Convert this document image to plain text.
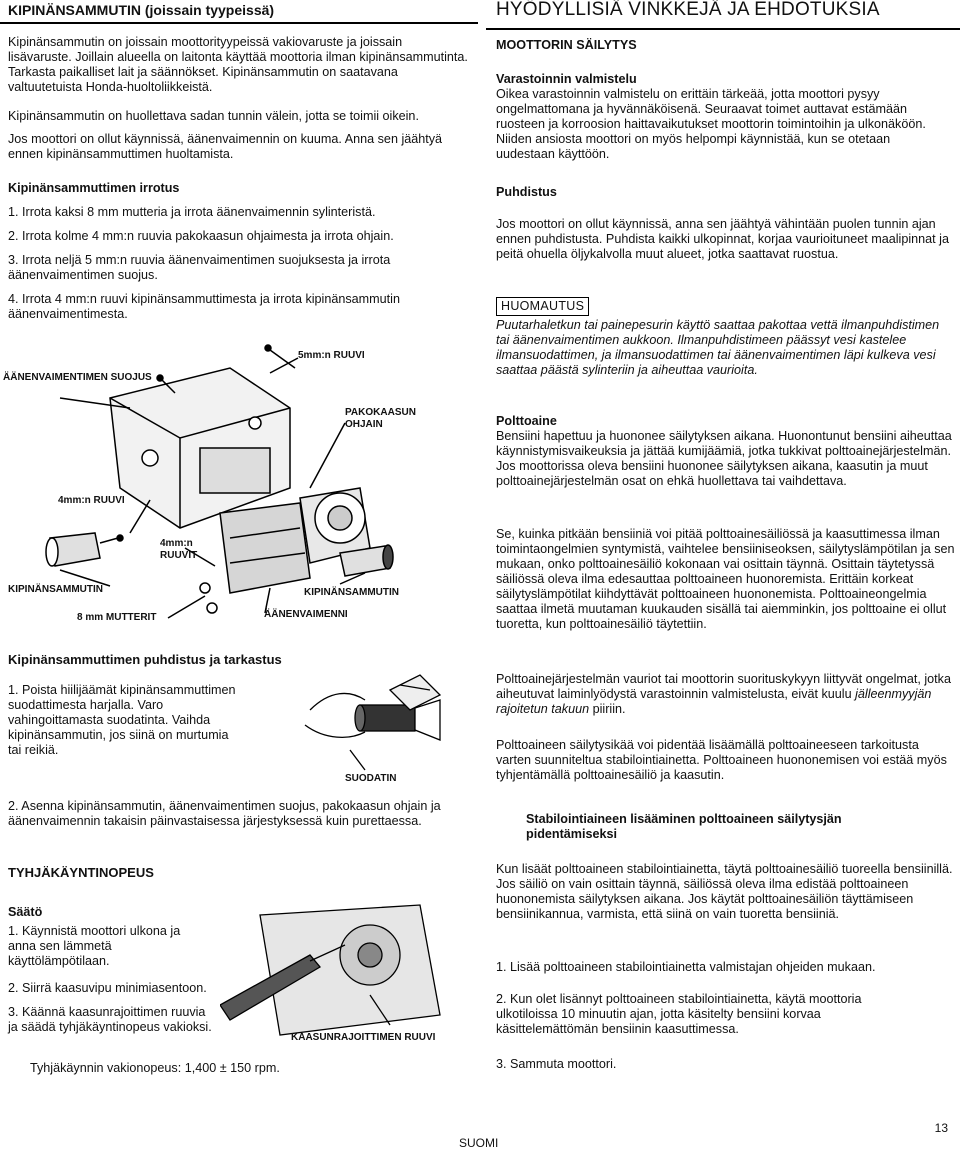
KIPINÄNSAMMUTIN (joissain tyypeissä)	HYÖDYLLISIÄ VINKKEJÄ JA EHDOTUKSIA

Kipinänsammutin on joissain moottorityypeissä vakiovaruste ja joissain lisävaruste. Joillain alueella on laitonta käyttää moottoria ilman kipinänsammutinta. Tarkasta paikalliset lait ja säännökset. Kipinänsammutin on saatavana valtuutetuista Honda-huoltoliikkeistä.

Kipinänsammutin on huollettava sadan tunnin välein, jotta se toimii oikein.

Jos moottori on ollut käynnissä, äänenvaimennin on kuuma. Anna sen jäähtyä ennen kipinänsammuttimen huoltamista.

Kipinänsammuttimen irrotus

1. Irrota kaksi 8 mm mutteria ja irrota äänenvaimennin sylinteristä.

2. Irrota kolme 4 mm:n ruuvia pakokaasun ohjaimesta ja irrota ohjain.

3. Irrota neljä 5 mm:n ruuvia äänenvaimentimen suojuksesta ja irrota äänenvaimentimen suojus.

4. Irrota 4 mm:n ruuvi kipinänsammuttimesta ja irrota kipinänsammutin äänenvaimentimesta.

ÄÄNENVAIMENTIMEN SUOJUS
5mm:n RUUVI
PAKOKAASUN OHJAIN
4mm:n RUUVI
4mm:n RUUVIT
KIPINÄNSAMMUTIN	KIPINÄNSAMMUTIN
8 mm MUTTERIT	ÄÄNENVAIMENNI

Kipinänsammuttimen puhdistus ja tarkastus

1. Poista hiilijäämät kipinänsammuttimen suodattimesta harjalla. Varo vahingoittamasta suodatinta. Vaihda kipinänsammutin, jos siinä on murtumia tai reikiä.

SUODATIN

2. Asenna kipinänsammutin, äänenvaimentimen suojus, pakokaasun ohjain ja äänenvaimennin takaisin päinvastaisessa järjestyksessä kuin purettaessa.

TYHJÄKÄYNTINOPEUS

Säätö

1. Käynnistä moottori ulkona ja anna sen lämmetä käyttölämpötilaan.

2. Siirrä kaasuvipu minimiasentoon.

3. Käännä kaasunrajoittimen ruuvia ja säädä tyhjäkäyntinopeus vakioksi.

KAASUNRAJOITTIMEN RUUVI

Tyhjäkäynnin vakionopeus: 1,400 ± 150 rpm.

MOOTTORIN SÄILYTYS

Varastoinnin valmistelu

Oikea varastoinnin valmistelu on erittäin tärkeää, jotta moottori pysyy ongelmattomana ja hyvännäköisenä. Seuraavat toimet auttavat estämään ruosteen ja korroosion haittavaikutukset moottorin toimintoihin ja ulkonäköön. Niiden ansiosta moottori on myös helpompi käynnistää, kun se otetaan uudestaan käyttöön.

Puhdistus

Jos moottori on ollut käynnissä, anna sen jäähtyä vähintään puolen tunnin ajan ennen puhdistusta. Puhdista kaikki ulkopinnat, korjaa vaurioituneet maalipinnat ja peitä ohuella öljykalvolla muut alueet, jotka saattavat ruostua.

HUOMAUTUS

Puutarhaletkun tai painepesurin käyttö saattaa pakottaa vettä ilmanpuhdistimen tai äänenvaimentimen aukkoon. Ilmanpuhdistimeen päässyt vesi kastelee ilmansuodattimen, ja ilmansuodattimen tai äänenvaimentimen läpi kulkeva vesi saattaa päästä sylinteriin ja aiheuttaa vaurioita.

Polttoaine

Bensiini hapettuu ja huononee säilytyksen aikana. Huonontunut bensiini aiheuttaa käynnistymisvaikeuksia ja jättää kumijäämiä, jotka tukkivat polttoainejärjestelmän. Jos moottorissa oleva bensiini huononee säilytyksen aikana, kaasutin ja muut polttoainejärjestelmän osat on ehkä huollettava tai vaihdettava.

Se, kuinka pitkään bensiiniä voi pitää polttoainesäiliössä ja kaasuttimessa ilman toimintaongelmien syntymistä, vaihtelee bensiiniseoksen, säilytyslämpötilan ja sen mukaan, onko polttoainesäiliö kokonaan vai osittain täynnä. Osittain täytetyssä säiliössä oleva ilma edesauttaa polttoaineen huonoremista. Erittäin korkeat säilytyslämpötilat kiihdyttävät polttoaineen huononemista. Polttoaineongelmia saattaa ilmetä muutaman kuukauden sisällä tai aiemminkin, jos polttoaine ei ollut tuoretta, kun polttoainesäiliö täytettiin.

Polttoainejärjestelmän vauriot tai moottorin suorituskykyyn liittyvät ongelmat, jotka aiheutuvat laiminlyödystä varastoinnin valmistelusta, eivät kuulu jälleenmyyjän rajoitetun takuun piiriin.

Polttoaineen säilytysikää voi pidentää lisäämällä polttoaineeseen tarkoitusta varten suunniteltua stabilointiainetta. Polttoaineen huononemisen voi estää myös tyhjentämällä polttoainesäiliö ja kaasutin.

Stabilointiaineen lisääminen polttoaineen säilytysjän pidentämiseksi

Kun lisäät polttoaineen stabilointiainetta, täytä polttoainesäiliö tuoreella bensiinillä. Jos säiliö on vain osittain täynnä, säiliössä oleva ilma edistää polttoaineen huononemista säilytyksen aikana. Jos käytät polttoainesäiliön täyttämiseen bensiinikannua, varmista, että siinä on vain tuoretta bensiiniä.

1. Lisää polttoaineen stabilointiainetta valmistajan ohjeiden mukaan.

2. Kun olet lisännyt polttoaineen stabilointiainetta, käytä moottoria ulkotiloissa 10 minuutin ajan, jotta käsitelty bensiini korvaa käsittelemättömän bensiinin kaasuttimessa.

3. Sammuta moottori.

SUOMI
13
